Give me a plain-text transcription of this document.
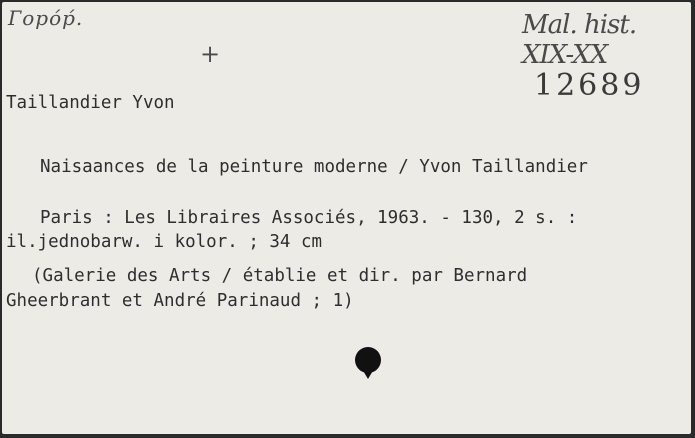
Горо́р́.
+
Mal. hist. XIX-XX
12689
Taillandier Yvon
Naisaances de la peinture moderne / Yvon Taillandier
Paris : Les Libraires Associés, 1963. - 130, 2 s. :
il.jednobarw. i kolor. ; 34 cm
(Galerie des Arts / établie et dir. par Bernard
Gheerbrant et André Parinaud ; 1)
